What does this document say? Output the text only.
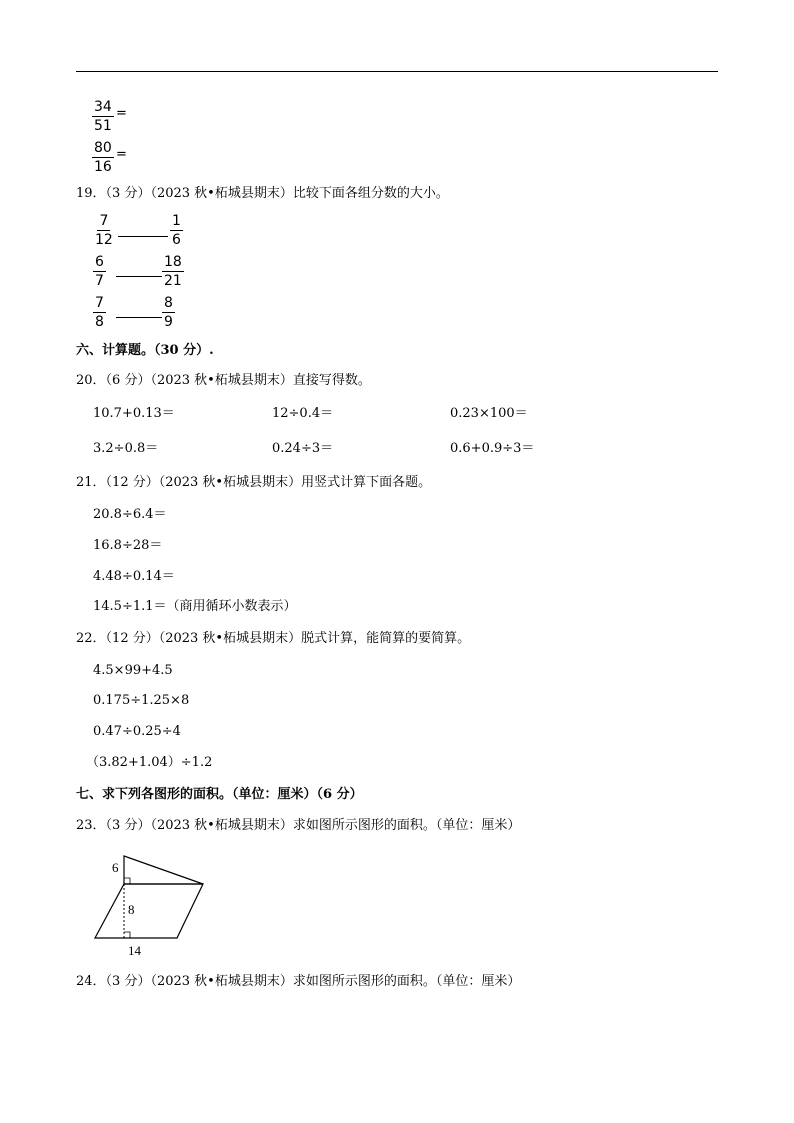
$\frac{34}{51}$ =
$\frac{80}{16}$ =
19．（3 分）（2023 秋•柘城县期末）比较下面各组分数的大小。
$\frac{7}{12}$	$\frac{1}{6}$
$\frac{6}{7}$	$\frac{18}{21}$
$\frac{7}{8}$	$\frac{8}{9}$
六、计算题。（30 分）.
20．（6 分）（2023 秋•柘城县期末）直接写得数。
10.7+0.13＝	12÷0.4＝	0.23×100＝
3.2÷0.8＝	0.24÷3＝	0.6+0.9÷3＝
21．（12 分）（2023 秋•柘城县期末）用竖式计算下面各题。
20.8÷6.4＝
16.8÷28＝
4.48÷0.14＝
14.5÷1.1＝（商用循环小数表示）
22．（12 分）（2023 秋•柘城县期末）脱式计算，能简算的要简算。
4.5×99+4.5
0.175÷1.25×8
0.47÷0.25÷4
（3.82+1.04）÷1.2
七、求下列各图形的面积。（单位：厘米）（6 分）
23．（3 分）（2023 秋•柘城县期末）求如图所示图形的面积。（单位：厘米）
6
8
14
24．（3 分）（2023 秋•柘城县期末）求如图所示图形的面积。（单位：厘米）
